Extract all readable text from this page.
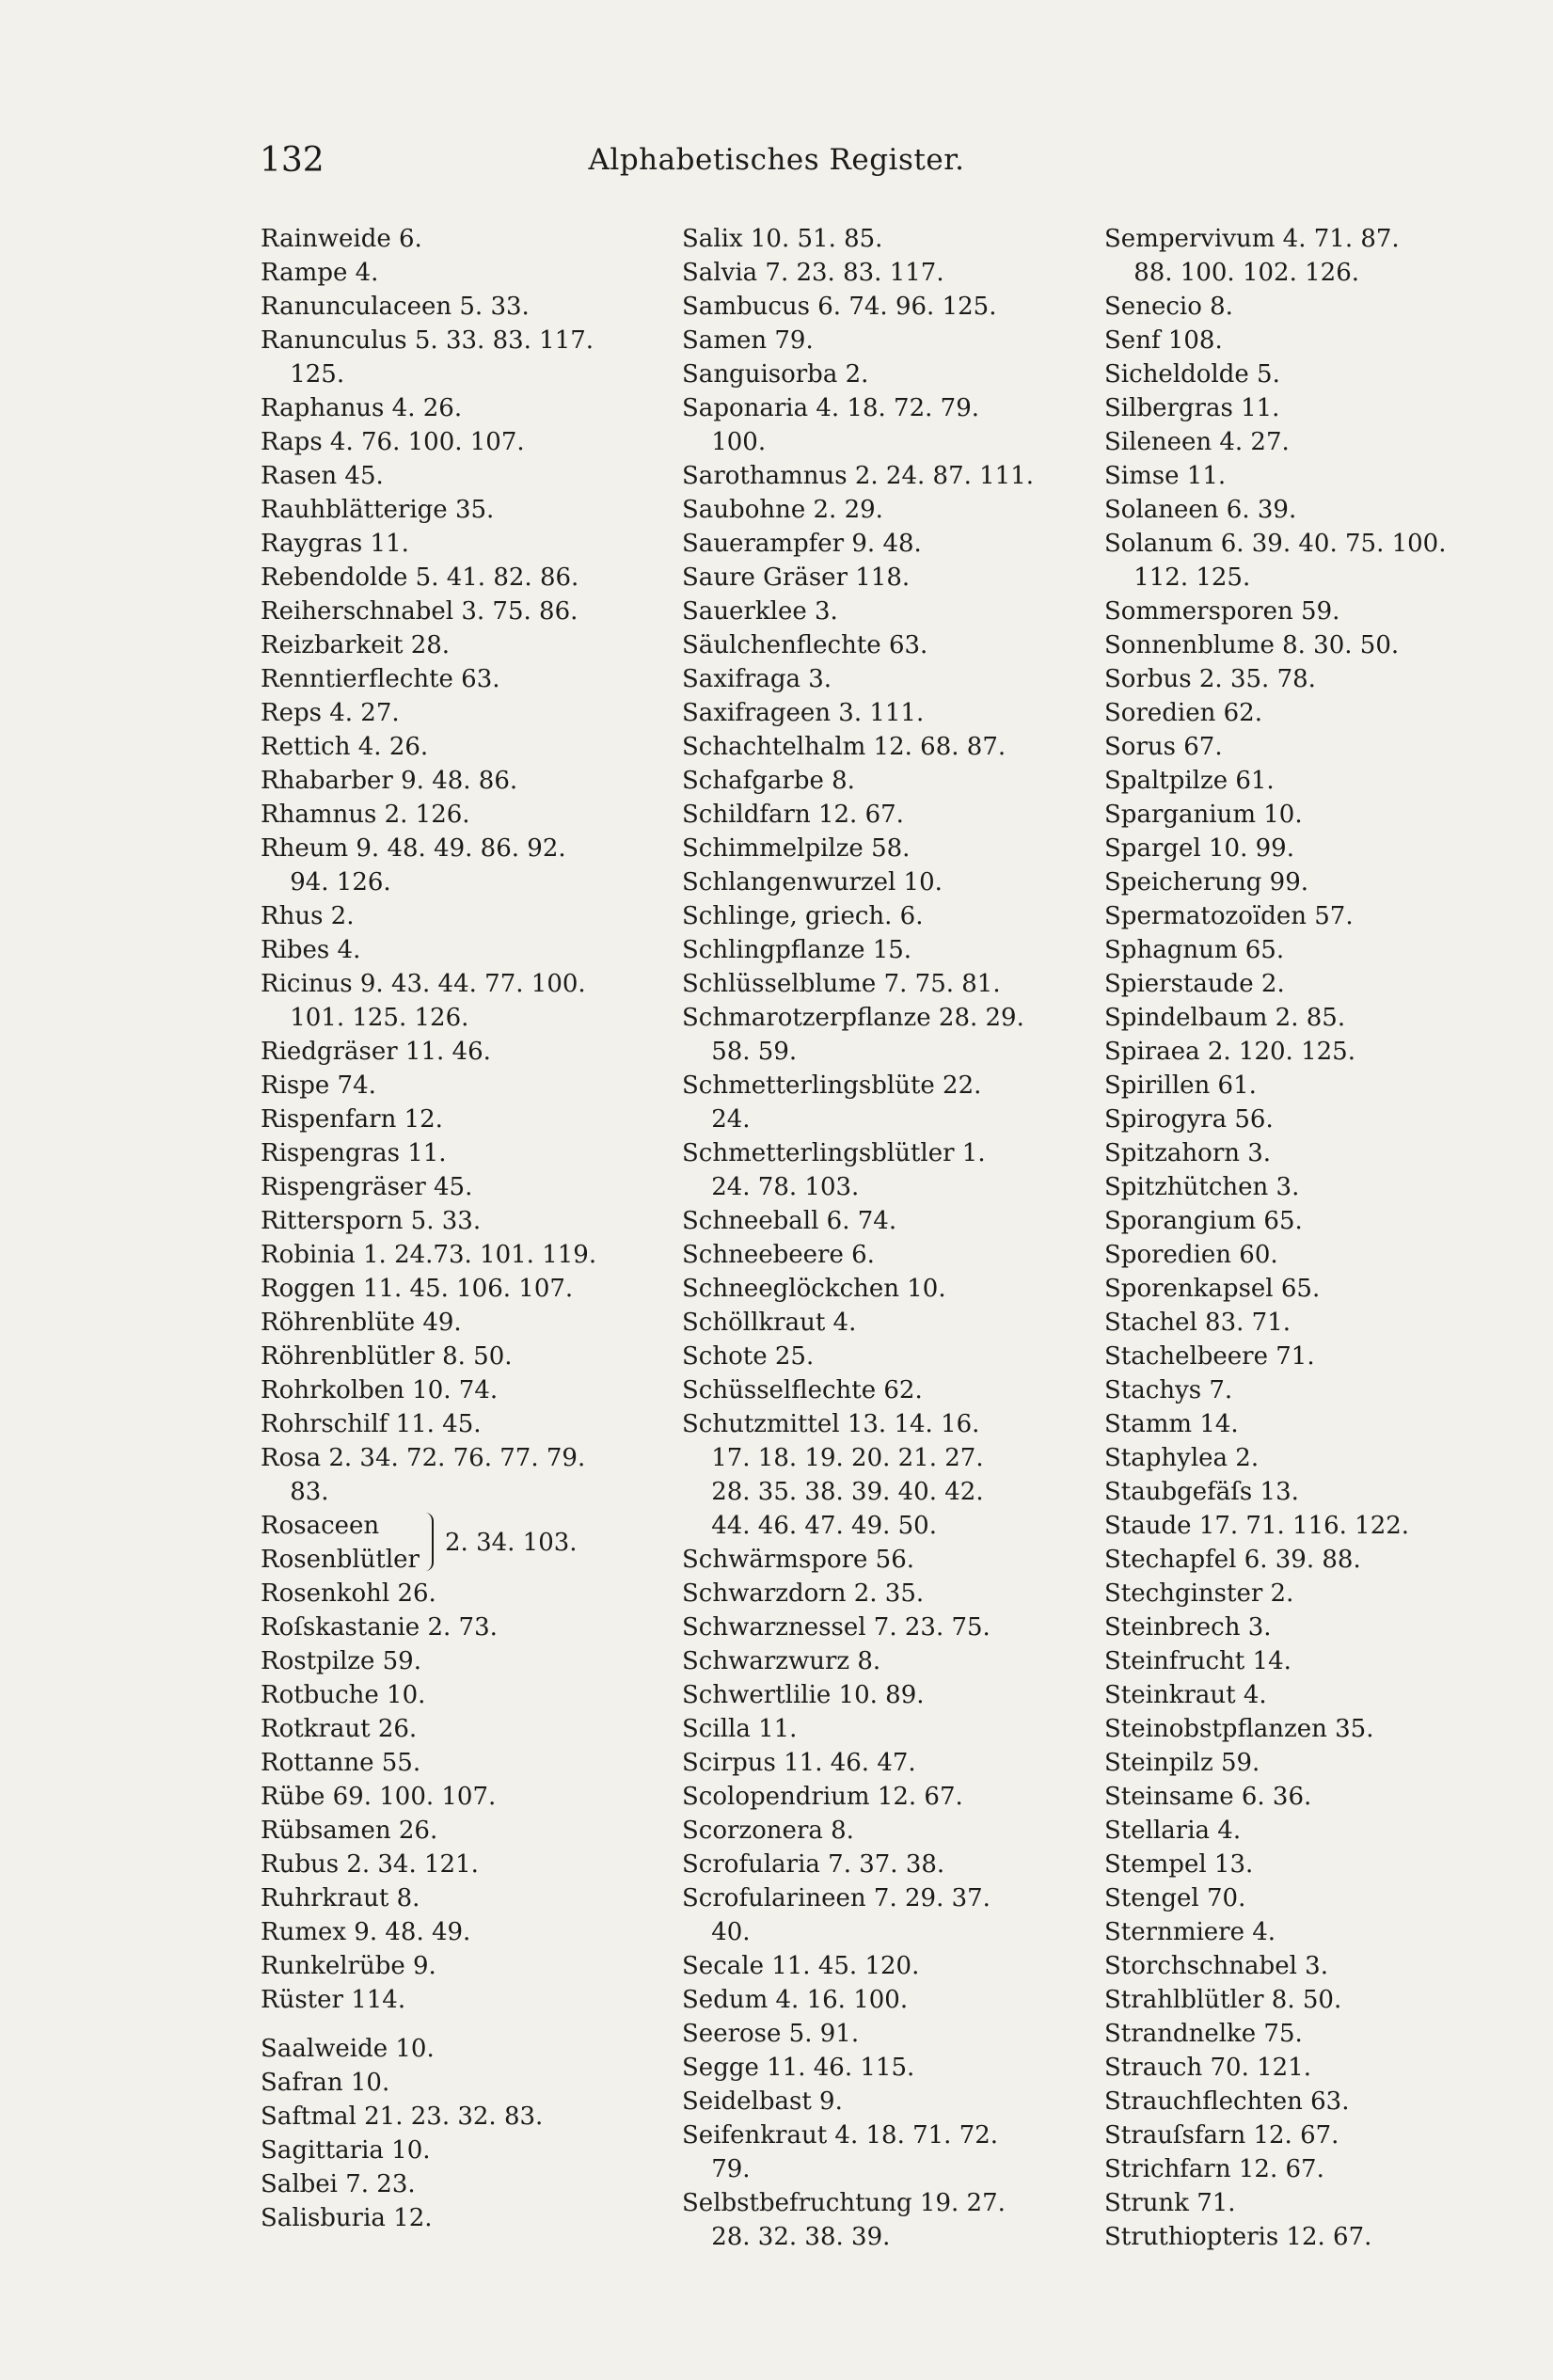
132	Alphabetisches Register.
Rainweide 6.
Rampe 4.
Ranunculaceen 5. 33.
Ranunculus 5. 33. 83. 117.
125.
Raphanus 4. 26.
Raps 4. 76. 100. 107.
Rasen 45.
Rauhblätterige 35.
Raygras 11.
Rebendolde 5. 41. 82. 86.
Reiherschnabel 3. 75. 86.
Reizbarkeit 28.
Renntierflechte 63.
Reps 4. 27.
Rettich 4. 26.
Rhabarber 9. 48. 86.
Rhamnus 2. 126.
Rheum 9. 48. 49. 86. 92.
94. 126.
Rhus 2.
Ribes 4.
Ricinus 9. 43. 44. 77. 100.
101. 125. 126.
Riedgräser 11. 46.
Rispe 74.
Rispenfarn 12.
Rispengras 11.
Rispengräser 45.
Rittersporn 5. 33.
Robinia 1. 24.73. 101. 119.
Roggen 11. 45. 106. 107.
Röhrenblüte 49.
Röhrenblütler 8. 50.
Rohrkolben 10. 74.
Rohrschilf 11. 45.
Rosa 2. 34. 72. 76. 77. 79.
83.
Rosaceen
Rosenblütler
2. 34. 103.
Rosenkohl 26.
Roſskastanie 2. 73.
Rostpilze 59.
Rotbuche 10.
Rotkraut 26.
Rottanne 55.
Rübe 69. 100. 107.
Rübsamen 26.
Rubus 2. 34. 121.
Ruhrkraut 8.
Rumex 9. 48. 49.
Runkelrübe 9.
Rüster 114.
Saalweide 10.
Safran 10.
Saftmal 21. 23. 32. 83.
Sagittaria 10.
Salbei 7. 23.
Salisburia 12.
Salix 10. 51. 85.
Salvia 7. 23. 83. 117.
Sambucus 6. 74. 96. 125.
Samen 79.
Sanguisorba 2.
Saponaria 4. 18. 72. 79.
100.
Sarothamnus 2. 24. 87. 111.
Saubohne 2. 29.
Sauerampfer 9. 48.
Saure Gräser 118.
Sauerklee 3.
Säulchenflechte 63.
Saxifraga 3.
Saxifrageen 3. 111.
Schachtelhalm 12. 68. 87.
Schafgarbe 8.
Schildfarn 12. 67.
Schimmelpilze 58.
Schlangenwurzel 10.
Schlinge, griech. 6.
Schlingpflanze 15.
Schlüsselblume 7. 75. 81.
Schmarotzerpflanze 28. 29.
58. 59.
Schmetterlingsblüte 22.
24.
Schmetterlingsblütler 1.
24. 78. 103.
Schneeball 6. 74.
Schneebeere 6.
Schneeglöckchen 10.
Schöllkraut 4.
Schote 25.
Schüsselflechte 62.
Schutzmittel 13. 14. 16.
17. 18. 19. 20. 21. 27.
28. 35. 38. 39. 40. 42.
44. 46. 47. 49. 50.
Schwärmspore 56.
Schwarzdorn 2. 35.
Schwarznessel 7. 23. 75.
Schwarzwurz 8.
Schwertlilie 10. 89.
Scilla 11.
Scirpus 11. 46. 47.
Scolopendrium 12. 67.
Scorzonera 8.
Scrofularia 7. 37. 38.
Scrofularineen 7. 29. 37.
40.
Secale 11. 45. 120.
Sedum 4. 16. 100.
Seerose 5. 91.
Segge 11. 46. 115.
Seidelbast 9.
Seifenkraut 4. 18. 71. 72.
79.
Selbstbefruchtung 19. 27.
28. 32. 38. 39.
Sempervivum 4. 71. 87.
88. 100. 102. 126.
Senecio 8.
Senf 108.
Sicheldolde 5.
Silbergras 11.
Sileneen 4. 27.
Simse 11.
Solaneen 6. 39.
Solanum 6. 39. 40. 75. 100.
112. 125.
Sommersporen 59.
Sonnenblume 8. 30. 50.
Sorbus 2. 35. 78.
Soredien 62.
Sorus 67.
Spaltpilze 61.
Sparganium 10.
Spargel 10. 99.
Speicherung 99.
Spermatozoïden 57.
Sphagnum 65.
Spierstaude 2.
Spindelbaum 2. 85.
Spiraea 2. 120. 125.
Spirillen 61.
Spirogyra 56.
Spitzahorn 3.
Spitzhütchen 3.
Sporangium 65.
Sporedien 60.
Sporenkapsel 65.
Stachel 83. 71.
Stachelbeere 71.
Stachys 7.
Stamm 14.
Staphylea 2.
Staubgefäſs 13.
Staude 17. 71. 116. 122.
Stechapfel 6. 39. 88.
Stechginster 2.
Steinbrech 3.
Steinfrucht 14.
Steinkraut 4.
Steinobstpflanzen 35.
Steinpilz 59.
Steinsame 6. 36.
Stellaria 4.
Stempel 13.
Stengel 70.
Sternmiere 4.
Storchschnabel 3.
Strahlblütler 8. 50.
Strandnelke 75.
Strauch 70. 121.
Strauchflechten 63.
Strauſsfarn 12. 67.
Strichfarn 12. 67.
Strunk 71.
Struthiopteris 12. 67.
